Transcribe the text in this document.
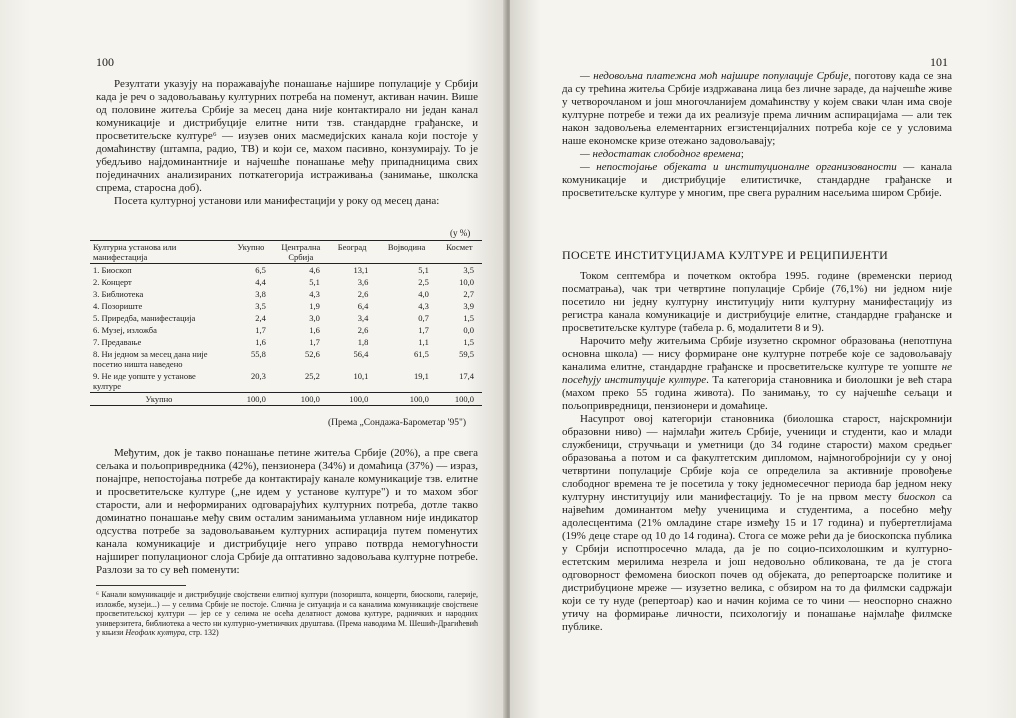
100

Резултати указују на поражавајуће понашање најшире популације у Србији када је реч о задовољавању културних потреба на поменут, активан начин. Више од половине житеља Србије за месец дана није контактирало ни један канал комуникације и дистрибуције елитне нити тзв. стандардне грађанске, и просветитељске културе⁶ — изузев оних масмедијских канала који постоје у домаћинству (штампа, радио, ТВ) и који се, махом пасивно, конзумирају. То је убедљиво најдоминантније и најчешће понашање међу припадницима свих појединачних анализираних поткатегорија истраживања (занимање, школска спрема, старосна доб).

Посета културној установи или манифестацији у року од месец дана:

(у %)
Културна установа или манифестација	Укупно	Централна Србија	Београд	Војводина	Космет
1. Биоскоп	6,5	4,6	13,1	5,1	3,5
2. Концерт	4,4	5,1	3,6	2,5	10,0
3. Библиотека	3,8	4,3	2,6	4,0	2,7
4. Позориште	3,5	1,9	6,4	4,3	3,9
5. Приредба, манифестација	2,4	3,0	3,4	0,7	1,5
6. Музеј, изложба	1,7	1,6	2,6	1,7	0,0
7. Предавање	1,6	1,7	1,8	1,1	1,5
8. Ни једном за месец дана није посетио ништа наведено	55,8	52,6	56,4	61,5	59,5
9. Не иде уопште у установе културе	20,3	25,2	10,1	19,1	17,4
Укупно	100,0	100,0	100,0	100,0	100,0
(Према „Сондажа-Барометар '95")

Међутим, док је такво понашање петине житеља Србије (20%), а пре свега сељака и пољопривредника (42%), пензионера (34%) и домаћица (37%) — израз, понајпре, непостојања потребе да контактирају канале комуникације тзв. елитне и просветитељске културе („не идем у установе културе") и то махом због старости, али и неформираних одговарајућих културних потреба, дотле такво доминатно понашање међу свим осталим занимањима углавном није индикатор одсуства потребе за задовољавањем културних аспирација путем поменутих канала комуникације и дистрибуције него управо потврда немогућности најширег популационог слоја Србије да оптативно задовољава културне потребе. Разлози за то су већ поменути:

⁶ Канали комуникације и дистрибуције својствени елитној култури (позоришта, концерти, биоскопи, галерије, изложбе, музеји...) — у селима Србије не постоје. Слична је ситуација и са каналима комуникације својствене просветитељској култури — јер се у селима не осећа делатност домова културе, радничких и народних универзитета, библиотека а често ни културно-уметничких друштава. (Према наводима М. Шешић-Драгићевић у књизи Неофолк култура, стр. 132)
101

— недовољна платежна моћ најшире популације Србије, поготову када се зна да су трећина житеља Србије издржавана лица без личне зараде, да најчешће живе у четворочланом и још многочланијем домаћинству у којем сваки члан има своје културне потребе и тежи да их реализује према личним аспирацијама — али тек након задовољења елементарних егзистенцијалних потреба које се у условима наше економске кризе отежано задовољавају;

— недостатак слободног времена;

— непостојање објеката и институционалне организованости — канала комуникације и дистрибуције елитистичке, стандардне грађанске и просветитељске културе у многим, пре свега руралним насељима широм Србије.

ПОСЕТЕ ИНСТИТУЦИЈАМА КУЛТУРЕ И РЕЦИПИЈЕНТИ

Током септембра и почетком октобра 1995. године (временски период посматрања), чак три четвртине популације Србије (76,1%) ни једном није посетило ни једну културну институцију нити културну манифестацију из регистра канала комуникације и дистрибуције елитне, стандардне грађанске и просветитељске културе (табела р. 6, модалитети 8 и 9).

Нарочито међу житељима Србије изузетно скромног образовања (непотпуна основна школа) — нису формиране оне културне потребе које се задовољавају каналима елитне, стандардне грађанске и просветитељске културе те уопште не посећују институције културе. Та категорија становника и биолошки је већ стара (махом преко 55 година живота). По занимању, то су најчешће сељаци и пољопривредници, пензионери и домаћице.

Насупрот овој категорији становника (биолошка старост, најскромнији образовни ниво) — најмлађи житељ Србије, ученици и студенти, као и млади службеници, стручњаци и уметници (до 34 године старости) махом средњег образовања а потом и са факултетским дипломом, најмногобројнији су у оној четвртини популације Србије која се определила за активније провођење слободног времена те је посетила у току једномесечног периода бар једном неку културну институцију или манифестацију. То је на првом месту биоскоп са највећим доминантом међу ученицима и студентима, а посебно међу адолесцентима (21% омладине старе између 15 и 17 година) и пубертетлијама (19% деце старе од 10 до 14 година). Стога се може рећи да је биоскопска публика у Србији испотпросечно млада, да је по социо-психолошким и културно-естетским мерилима незрела и још недовољно обликована, те да је стога одговорност фемомена биоскоп почев од објеката, до репертоарске политике и дистрибуционе мреже — изузетно велика, с обзиром на то да филмски садржаји који се ту нуде (репертоар) као и начин којима се то чини — неоспорно снажно утичу на формирање личности, психологију и понашање најмлађе филмске публике.
